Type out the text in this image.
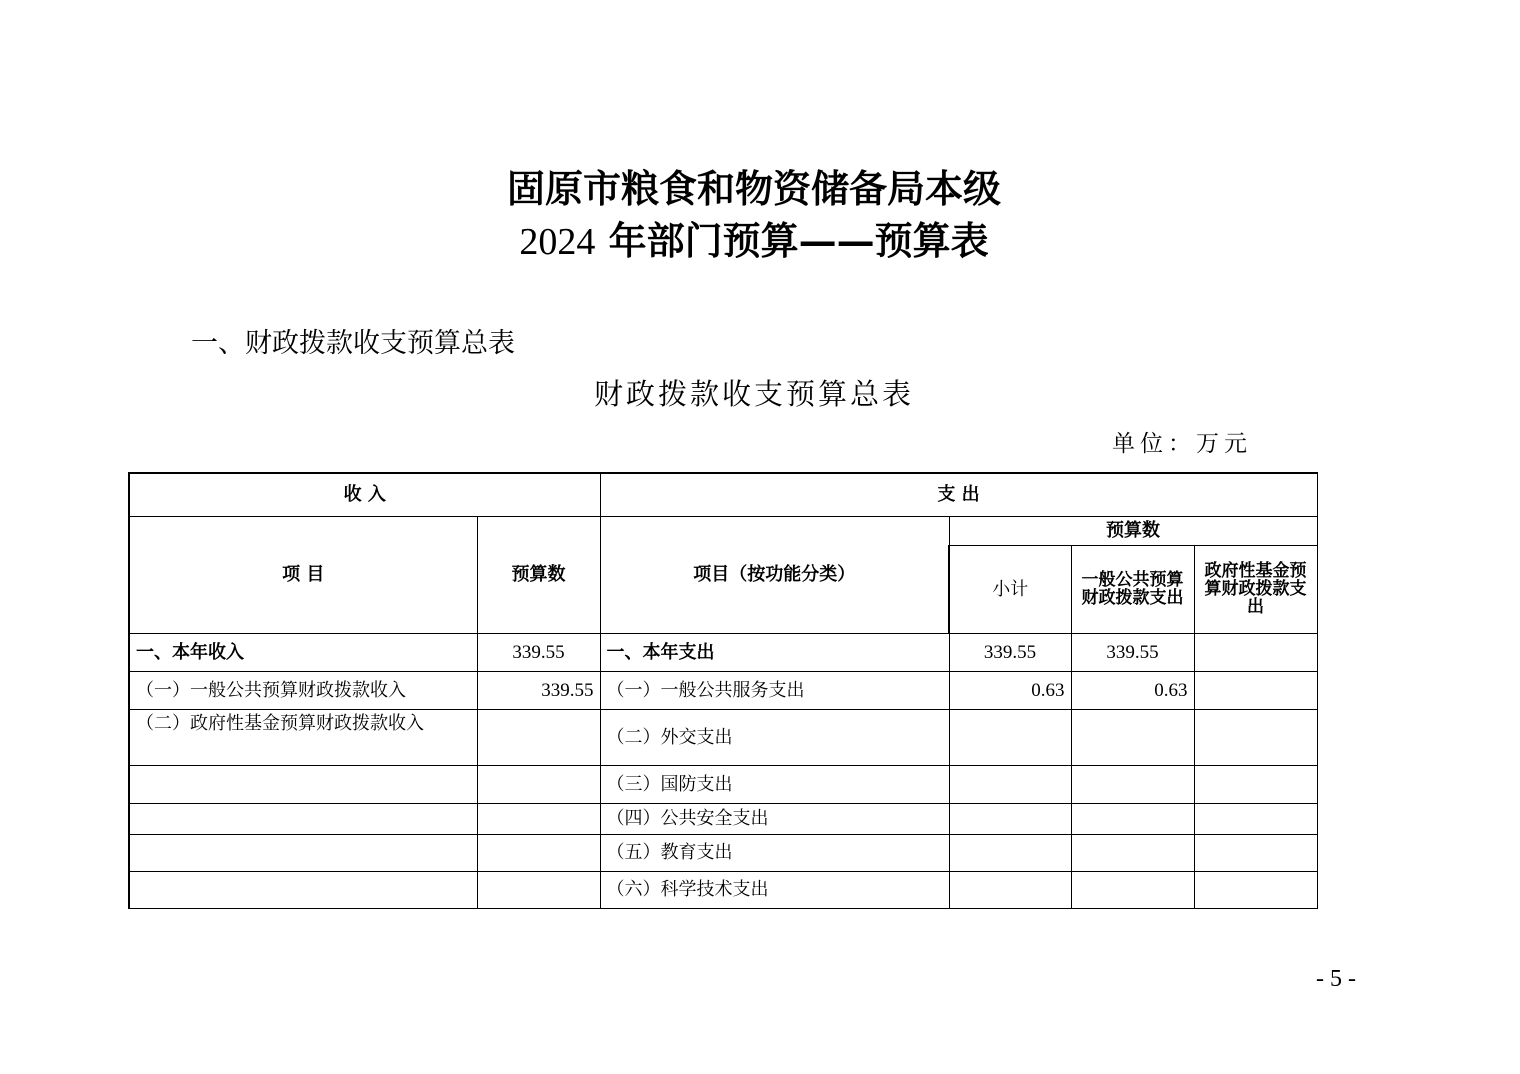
固原市粮食和物资储备局本级
2024 年部门预算——预算表
一、财政拨款收支预算总表
财政拨款收支预算总表
单位：万元
收 入		支 出			
项 目	预算数	项目（按功能分类）	预算数		
			小计	一般公共预算财政拨款支出	政府性基金预算财政拨款支出
一、本年收入	339.55	一、本年支出	339.55	339.55	
（一）一般公共预算财政拨款收入	339.55	（一）一般公共服务支出	0.63	0.63	
（二）政府性基金预算财政拨款收入		（二）外交支出			
		（三）国防支出			
		（四）公共安全支出			
		（五）教育支出			
		（六）科学技术支出			
- 5 -
